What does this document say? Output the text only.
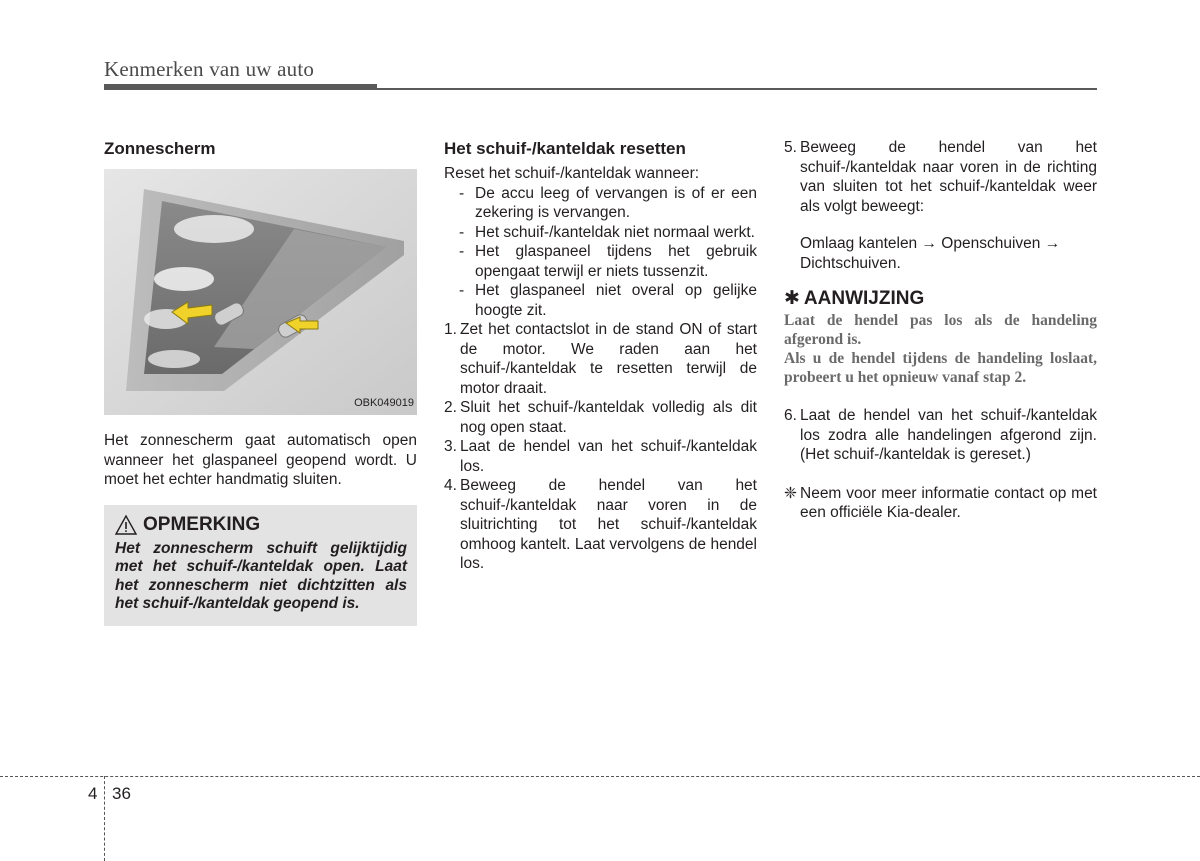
Kenmerken van uw auto
Zonnescherm
OBK049019

Het zonnescherm gaat automatisch open wanneer het glaspaneel geopend wordt. U moet het echter handmatig sluiten.

OPMERKING
Het zonnescherm schuift gelijktijdig met het schuif-/kanteldak open. Laat het zonnescherm niet dichtzitten als het schuif-/kanteldak geopend is.
Het schuif-/kanteldak resetten

Reset het schuif-/kanteldak wanneer:

- De accu leeg of vervangen is of er een zekering is vervangen.
- Het schuif-/kanteldak niet normaal werkt.
- Het glaspaneel tijdens het gebruik opengaat terwijl er niets tussenzit.
- Het glaspaneel niet overal op gelijke hoogte zit.
1. Zet het contactslot in de stand ON of start de motor. We raden aan het schuif-/kanteldak te resetten terwijl de motor draait.
2. Sluit het schuif-/kanteldak volledig als dit nog open staat.
3. Laat de hendel van het schuif-/kanteldak los.
4. Beweeg de hendel van het schuif-/kanteldak naar voren in de sluitrichting tot het schuif-/kanteldak omhoog kantelt. Laat vervolgens de hendel los.
5. Beweeg de hendel van het schuif-/kanteldak naar voren in de richting van sluiten tot het schuif-/kanteldak weer als volgt beweegt:

Omlaag kantelen → Openschuiven → Dichtschuiven.

✱ AANWIJZING

Laat de hendel pas los als de handeling afgerond is.

Als u de hendel tijdens de handeling loslaat, probeert u het opnieuw vanaf stap 2.

6. Laat de hendel van het schuif-/kanteldak los zodra alle handelingen afgerond zijn. (Het schuif-/kanteldak is gereset.)
❈ Neem voor meer informatie contact op met een officiële Kia-dealer.
4 36
